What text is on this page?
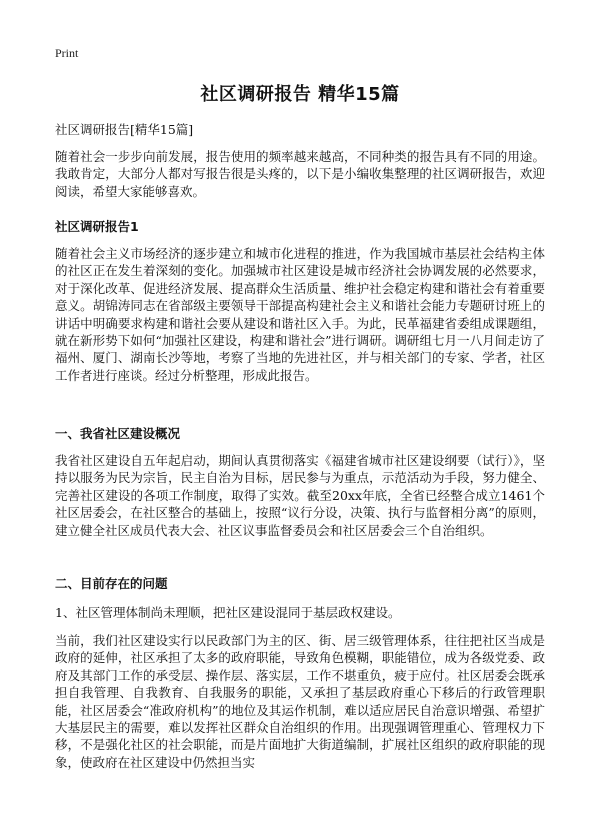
Print
社区调研报告 精华15篇
社区调研报告[精华15篇]

随着社会一步步向前发展，报告使用的频率越来越高，不同种类的报告具有不同的用途。我敢肯定，大部分人都对写报告很是头疼的，以下是小编收集整理的社区调研报告，欢迎阅读，希望大家能够喜欢。

社区调研报告1

随着社会主义市场经济的逐步建立和城市化进程的推进，作为我国城市基层社会结构主体的社区正在发生着深刻的变化。加强城市社区建设是城市经济社会协调发展的必然要求，对于深化改革、促进经济发展、提高群众生活质量、维护社会稳定构建和谐社会有着重要意义。胡锦涛同志在省部级主要领导干部提高构建社会主义和谐社会能力专题研讨班上的讲话中明确要求构建和谐社会要从建设和谐社区入手。为此，民革福建省委组成课题组，就在新形势下如何“加强社区建设，构建和谐社会”进行调研。调研组七月一八月间走访了福州、厦门、湖南长沙等地，考察了当地的先进社区，并与相关部门的专家、学者，社区工作者进行座谈。经过分析整理，形成此报告。

一、我省社区建设概况

我省社区建设自五年起启动，期间认真贯彻落实《福建省城市社区建设纲要（试行）》，坚持以服务为民为宗旨，民主自治为目标，居民参与为重点，示范活动为手段，努力健全、完善社区建设的各项工作制度，取得了实效。截至20xx年底，全省已经整合成立1461个社区居委会，在社区整合的基础上，按照“议行分设，决策、执行与监督相分离”的原则，建立健全社区成员代表大会、社区议事监督委员会和社区居委会三个自治组织。

二、目前存在的问题
1、社区管理体制尚未理顺，把社区建设混同于基层政权建设。

当前，我们社区建设实行以民政部门为主的区、街、居三级管理体系，往往把社区当成是政府的延伸，社区承担了太多的政府职能，导致角色模糊，职能错位，成为各级党委、政府及其部门工作的承受层、操作层、落实层，工作不堪重负，疲于应付。社区居委会既承担自我管理、自我教育、自我服务的职能，又承担了基层政府重心下移后的行政管理职能，社区居委会“准政府机构”的地位及其运作机制，难以适应居民自治意识增强、希望扩大基层民主的需要，难以发挥社区群众自治组织的作用。出现强调管理重心、管理权力下移，不是强化社区的社会职能，而是片面地扩大街道编制，扩展社区组织的政府职能的现象，使政府在社区建设中仍然担当实
